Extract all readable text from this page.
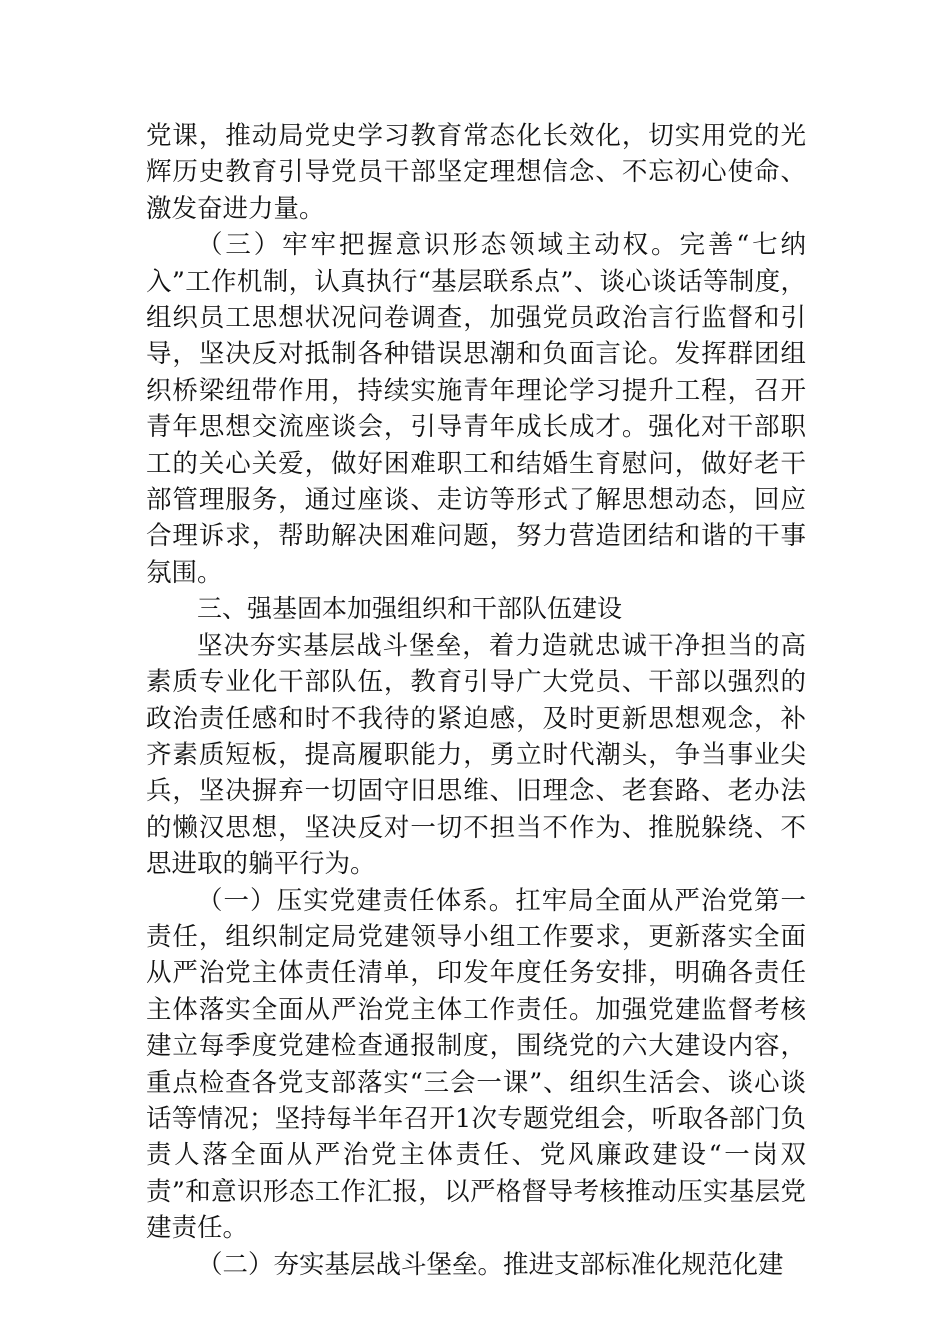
党课，推动局党史学习教育常态化长效化，切实用党的光辉历史教育引导党员干部坚定理想信念、不忘初心使命、激发奋进力量。

（三）牢牢把握意识形态领域主动权。完善“七纳入”工作机制，认真执行“基层联系点”、谈心谈话等制度，组织员工思想状况问卷调查，加强党员政治言行监督和引导，坚决反对抵制各种错误思潮和负面言论。发挥群团组织桥梁纽带作用，持续实施青年理论学习提升工程，召开青年思想交流座谈会，引导青年成长成才。强化对干部职工的关心关爱，做好困难职工和结婚生育慰问，做好老干部管理服务，通过座谈、走访等形式了解思想动态，回应合理诉求，帮助解决困难问题，努力营造团结和谐的干事氛围。

三、强基固本加强组织和干部队伍建设

坚决夯实基层战斗堡垒，着力造就忠诚干净担当的高素质专业化干部队伍，教育引导广大党员、干部以强烈的政治责任感和时不我待的紧迫感，及时更新思想观念，补齐素质短板，提高履职能力，勇立时代潮头，争当事业尖兵，坚决摒弃一切固守旧思维、旧理念、老套路、老办法的懒汉思想，坚决反对一切不担当不作为、推脱躲绕、不思进取的躺平行为。

（一）压实党建责任体系。扛牢局全面从严治党第一责任，组织制定局党建领导小组工作要求，更新落实全面从严治党主体责任清单，印发年度任务安排，明确各责任主体落实全面从严治党主体工作责任。加强党建监督考核建立每季度党建检查通报制度，围绕党的六大建设内容，重点检查各党支部落实“三会一课”、组织生活会、谈心谈话等情况；坚持每半年召开1次专题党组会，听取各部门负责人落全面从严治党主体责任、党风廉政建设“一岗双责”和意识形态工作汇报，以严格督导考核推动压实基层党建责任。

（二）夯实基层战斗堡垒。推进支部标准化规范化建
